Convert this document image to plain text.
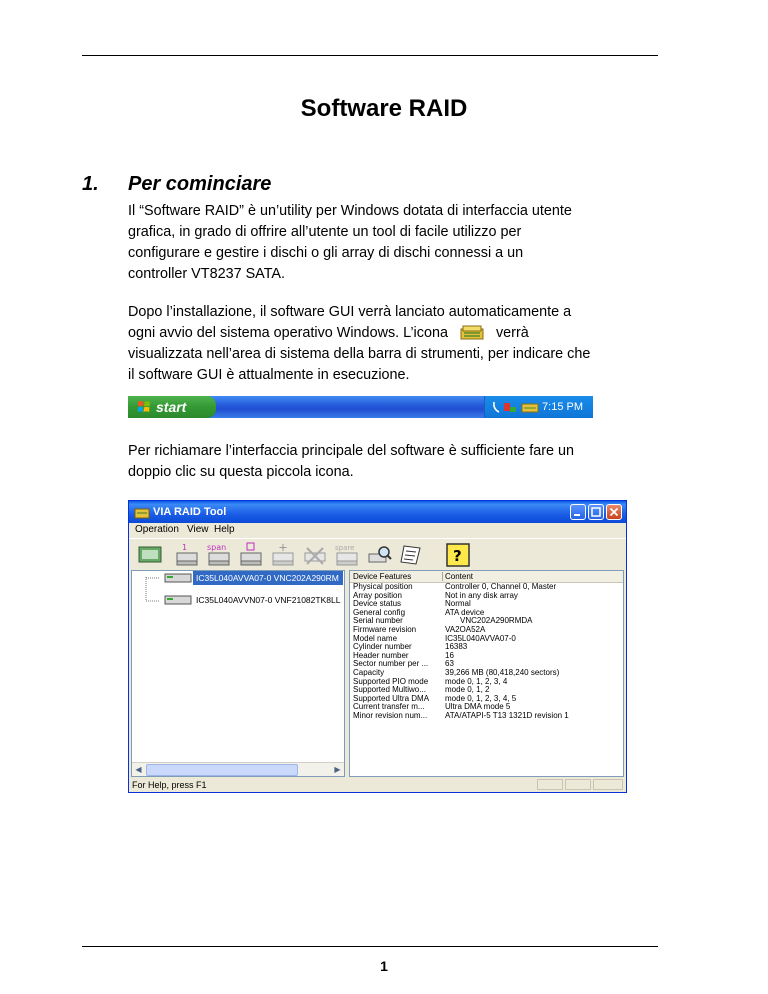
Software RAID
1. Per cominciare
Il “Software RAID” è un’utility per Windows dotata di interfaccia utente
grafica, in grado di offrire all’utente un tool di facile utilizzo per
configurare e gestire i dischi o gli array di dischi connessi a un
controller VT8237 SATA.
Dopo l’installazione, il software GUI verrà lanciato automaticamente a
ogni avvio del sistema operativo Windows. L’icona	verrà
visualizzata nell’area di sistema della barra di strumenti, per indicare che
il software GUI è attualmente in esecuzione.
start	7:15 PM
Per richiamare l’interfaccia principale del software è sufficiente fare un
doppio clic su questa piccola icona.
VIA RAID Tool
Operation View Help
1 span	spare	?
IC35L040AVVA07-0 VNC202A290RM
IC35L040AVVN07-0 VNF21082TK8LL
◀	▶
Device Features	Content
Physical position	Controller 0, Channel 0, Master
Array position	Not in any disk array
Device status	Normal
General config	ATA device
Serial number	VNC202A290RMDA
Firmware revision	VA2OA52A
Model name	IC35L040AVVA07-0
Cylinder number	16383
Header number	16
Sector number per ...	63
Capacity	39,266 MB (80,418,240 sectors)
Supported PIO mode	mode 0, 1, 2, 3, 4
Supported Multiwo...	mode 0, 1, 2
Supported Ultra DMA	mode 0, 1, 2, 3, 4, 5
Current transfer m...	Ultra DMA mode 5
Minor revision num...	ATA/ATAPI-5 T13 1321D revision 1
For Help, press F1
1
